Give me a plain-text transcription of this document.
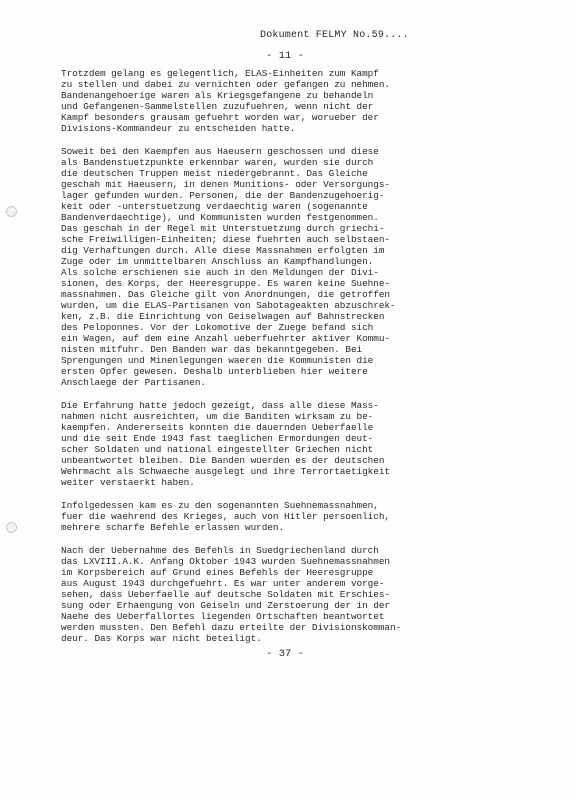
Dokument FELMY No.59....
- 11 -
Trotzdem gelang es gelegentlich, ELAS-Einheiten zum Kampf
zu stellen und dabei zu vernichten oder gefangen zu nehmen.
Bandenangehoerige waren als Kriegsgefangene zu behandeln
und Gefangenen-Sammelstellen zuzufuehren, wenn nicht der
Kampf besonders grausam gefuehrt worden war, worueber der
Divisions-Kommandeur zu entscheiden hatte.
Soweit bei den Kaempfen aus Haeusern geschossen und diese
als Bandenstuetzpunkte erkennbar waren, wurden sie durch
die deutschen Truppen meist niedergebrannt. Das Gleiche
geschah mit Haeusern, in denen Munitions- oder Versorgungs-
lager gefunden wurden. Personen, die der Bandenzugehoerig-
keit oder -unterstuetzung verdaechtig waren (sogenannte
Bandenverdaechtige), und Kommunisten wurden festgenommen.
Das geschah in der Regel mit Unterstuetzung durch griechi-
sche Freiwilligen-Einheiten; diese fuehrten auch selbstaen-
dig Verhaftungen durch. Alle diese Massnahmen erfolgten im
Zuge oder im unmittelbaren Anschluss an Kampfhandlungen.
Als solche erschienen sie auch in den Meldungen der Divi-
sionen, des Korps, der Heeresgruppe. Es waren keine Suehne-
massnahmen. Das Gleiche gilt von Anordnungen, die getroffen
wurden, um die ELAS-Partisanen von Sabotageakten abzuschrek-
ken, z.B. die Einrichtung von Geiselwagen auf Bahnstrecken
des Peloponnes. Vor der Lokomotive der Zuege befand sich
ein Wagen, auf dem eine Anzahl ueberfuehrter aktiver Kommu-
nisten mitfuhr. Den Banden war das bekanntgegeben. Bei
Sprengungen und Minenlegungen waeren die Kommunisten die
ersten Opfer gewesen. Deshalb unterblieben hier weitere
Anschlaege der Partisanen.
Die Erfahrung hatte jedoch gezeigt, dass alle diese Mass-
nahmen nicht ausreichten, um die Banditen wirksam zu be-
kaempfen. Andererseits konnten die dauernden Ueberfaelle
und die seit Ende 1943 fast taeglichen Ermordungen deut-
scher Soldaten und national eingestellter Griechen nicht
unbeantwortet bleiben. Die Banden wuerden es der deutschen
Wehrmacht als Schwaeche ausgelegt und ihre Terrortaetigkeit
weiter verstaerkt haben.
Infolgedessen kam es zu den sogenannten Suehnemassnahmen,
fuer die waehrend des Krieges, auch von Hitler persoenlich,
mehrere scharfe Befehle erlassen wurden.
Nach der Uebernahme des Befehls in Suedgriechenland durch
das LXVIII.A.K. Anfang Oktober 1943 wurden Suehnemassnahmen
im Korpsbereich auf Grund eines Befehls der Heeresgruppe
aus August 1943 durchgefuehrt. Es war unter anderem vorge-
sehen, dass Ueberfaelle auf deutsche Soldaten mit Erschies-
sung oder Erhaengung von Geiseln und Zerstoerung der in der
Naehe des Ueberfallortes liegenden Ortschaften beantwortet
werden mussten. Den Befehl dazu erteilte der Divisionskomman-
deur. Das Korps war nicht beteiligt.
- 37 -
